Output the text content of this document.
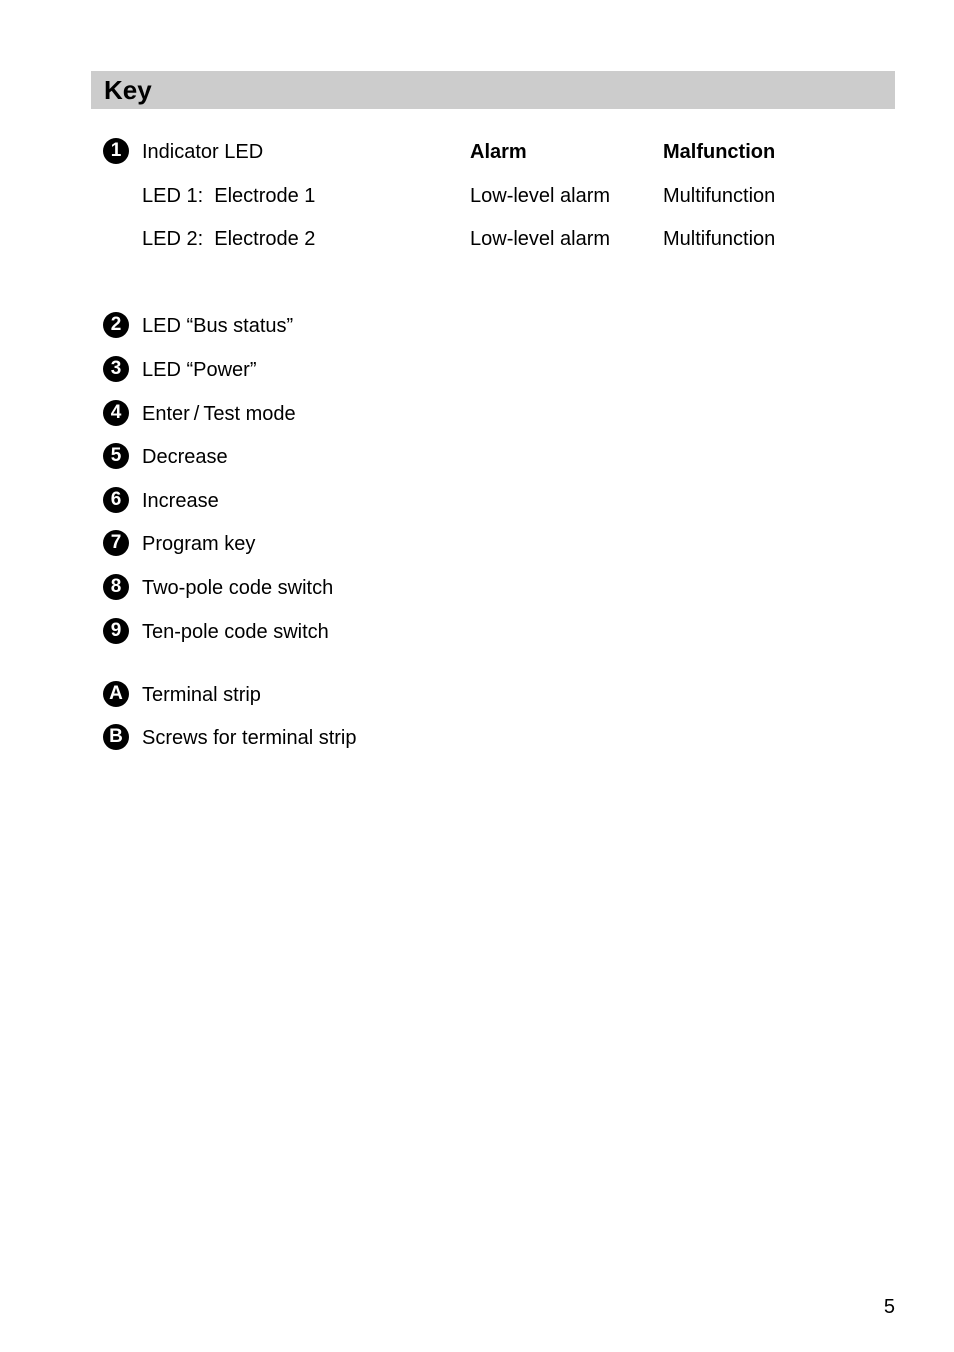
Key
1	Indicator LED	Alarm	Malfunction
LED 1:  Electrode 1	Low-level alarm	Multifunction
LED 2:  Electrode 2	Low-level alarm	Multifunction
2	LED “Bus status”
3	LED “Power”
4	Enter / Test mode
5	Decrease
6	Increase
7	Program key
8	Two-pole code switch
9	Ten-pole code switch
A Terminal strip
B Screws for terminal strip
5
